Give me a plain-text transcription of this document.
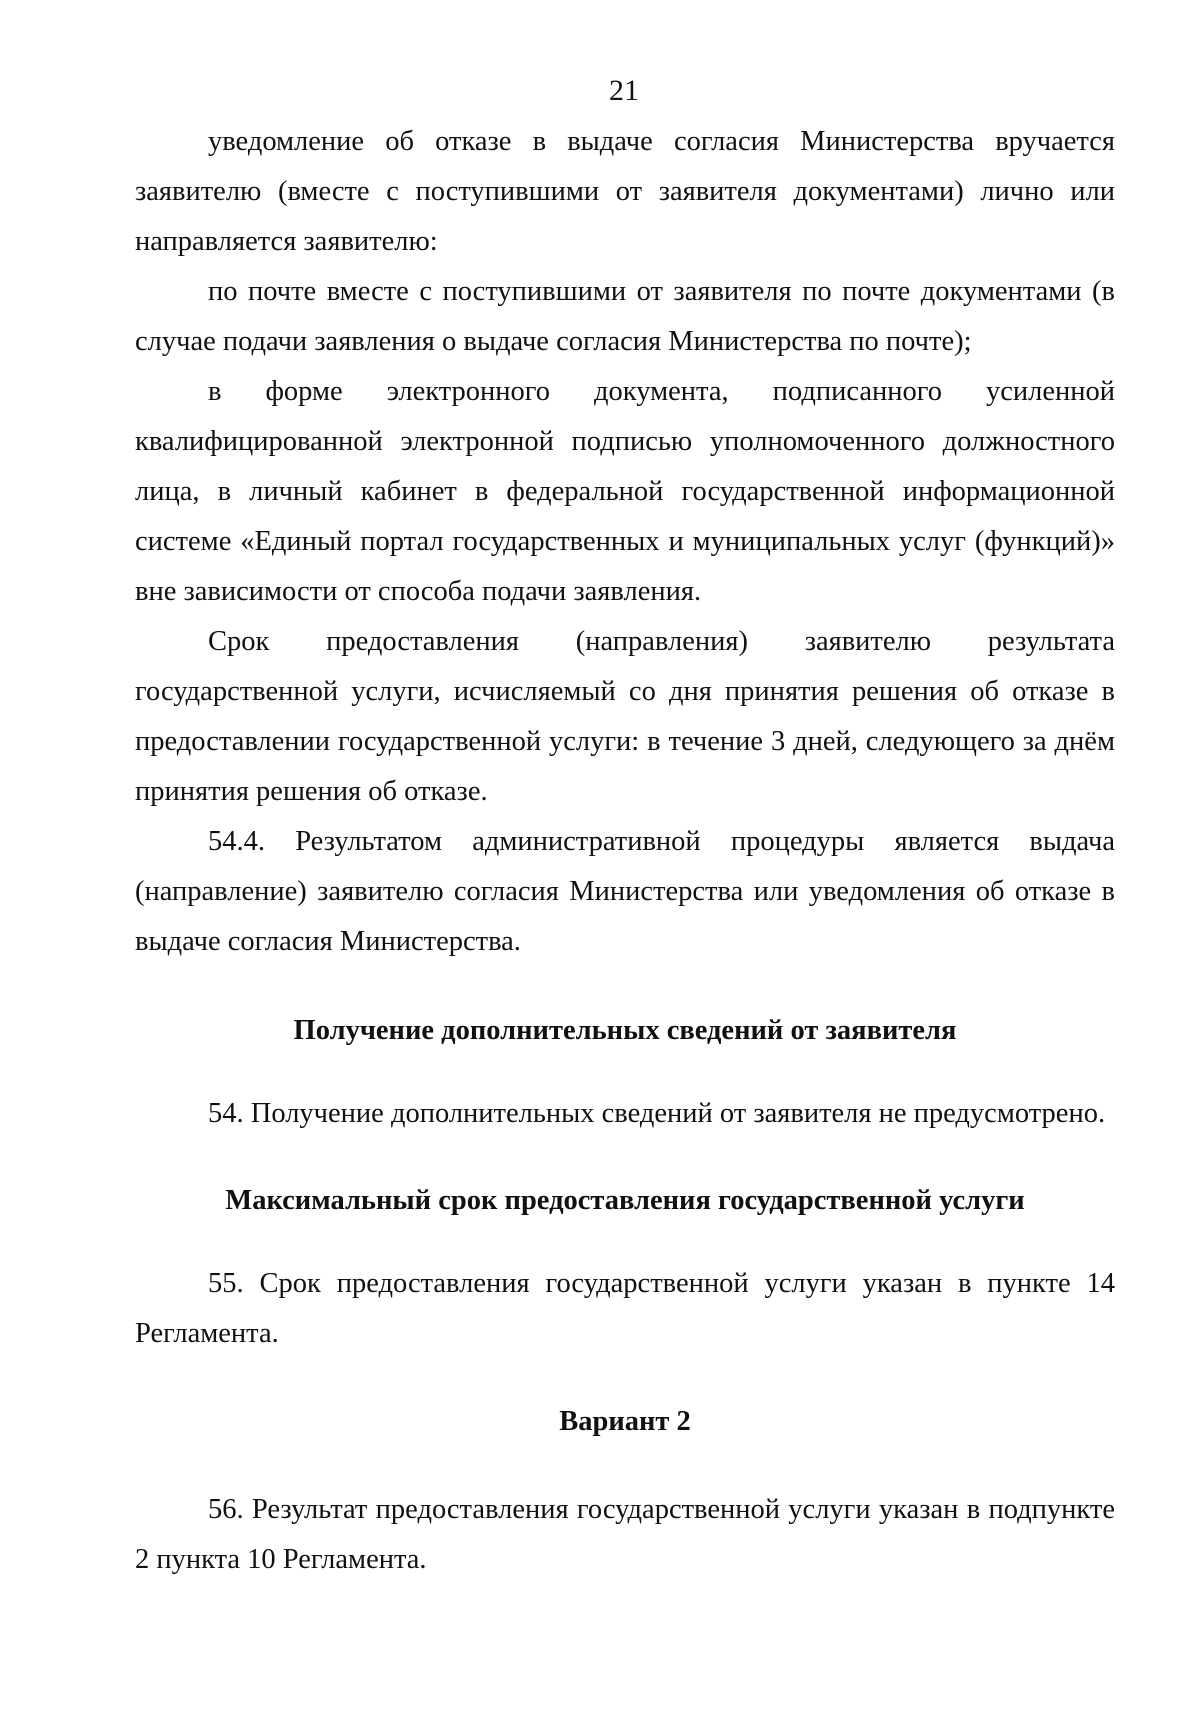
21

уведомление об отказе в выдаче согласия Министерства вручается заявителю (вместе с поступившими от заявителя документами) лично или направляется заявителю:

по почте вместе с поступившими от заявителя по почте документами (в случае подачи заявления о выдаче согласия Министерства по почте);

в форме электронного документа, подписанного усиленной квалифицированной электронной подписью уполномоченного должностного лица, в личный кабинет в федеральной государственной информационной системе «Единый портал государственных и муниципальных услуг (функций)» вне зависимости от способа подачи заявления.

Срок предоставления (направления) заявителю результата государственной услуги, исчисляемый со дня принятия решения об отказе в предоставлении государственной услуги: в течение 3 дней, следующего за днём принятия решения об отказе.

54.4. Результатом административной процедуры является выдача (направление) заявителю согласия Министерства или уведомления об отказе в выдаче согласия Министерства.

Получение дополнительных сведений от заявителя

54. Получение дополнительных сведений от заявителя не предусмотрено.

Максимальный срок предоставления государственной услуги

55. Срок предоставления государственной услуги указан в пункте 14 Регламента.

Вариант 2

56. Результат предоставления государственной услуги указан в подпункте 2 пункта 10 Регламента.
